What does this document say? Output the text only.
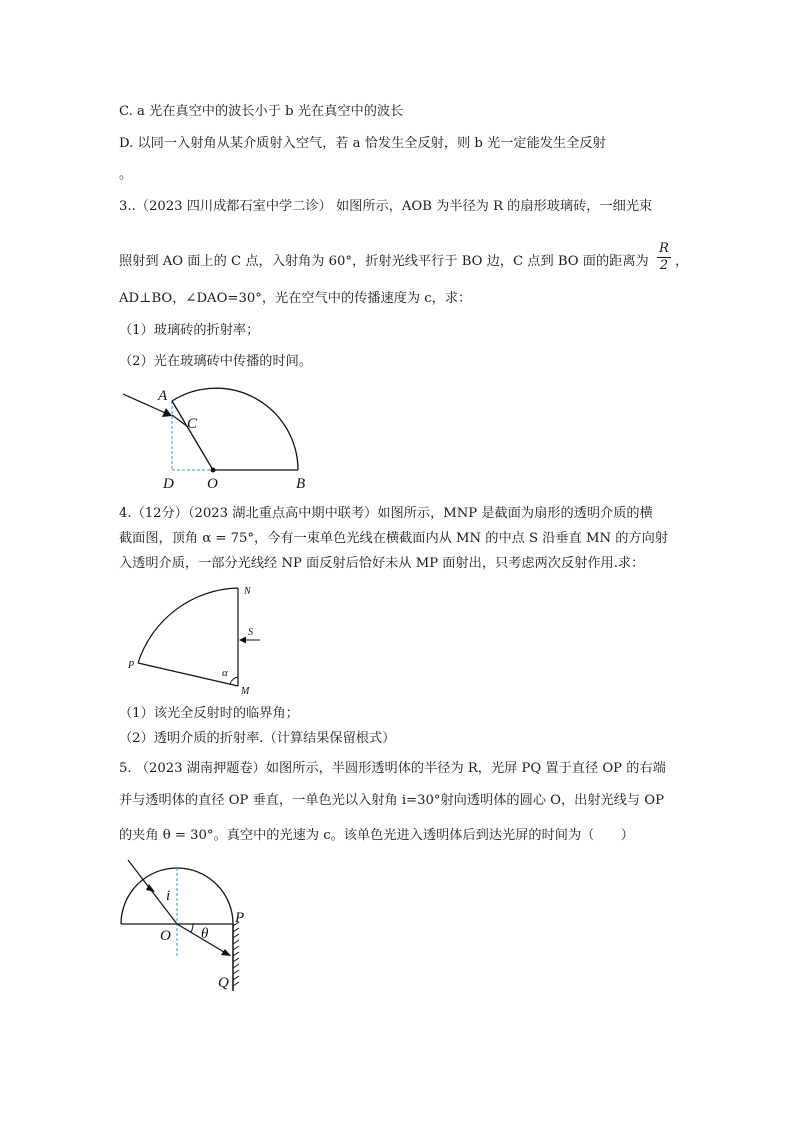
C. a 光在真空中的波长小于 b 光在真空中的波长
D. 以同一入射角从某介质射入空气，若 a 恰发生全反射，则 b 光一定能发生全反射
。
3..（2023 四川成都石室中学二诊） 如图所示，AOB 为半径为 R 的扇形玻璃砖，一细光束
照射到 AO 面上的 C 点，入射角为 60°，折射光线平行于 BO 边，C 点到 BO 面的距离为 $\frac{R}{2}$ ，
AD⊥BO，∠DAO=30°，光在空气中的传播速度为 c，求：
（1）玻璃砖的折射率；
（2）光在玻璃砖中传播的时间。
A
C
D O	B
4.（12分）（2023 湖北重点高中期中联考）如图所示，MNP 是截面为扇形的透明介质的横
截面图，顶角 α = 75°，今有一束单色光线在横截面内从 MN 的中点 S 沿垂直 MN 的方向射
入透明介质，一部分光线经 NP 面反射后恰好未从 MP 面射出，只考虑两次反射作用.求：
N
S
P
α
M
（1）该光全反射时的临界角；
（2）透明介质的折射率.（计算结果保留根式）
5. （2023 湖南押题卷）如图所示，半圆形透明体的半径为 R，光屏 PQ 置于直径 OP 的右端
并与透明体的直径 OP 垂直，一单色光以入射角 i=30°射向透明体的圆心 O，出射光线与 OP
的夹角 θ = 30°。真空中的光速为 c。该单色光进入透明体后到达光屏的时间为（　　）
i
O θ
P
Q
